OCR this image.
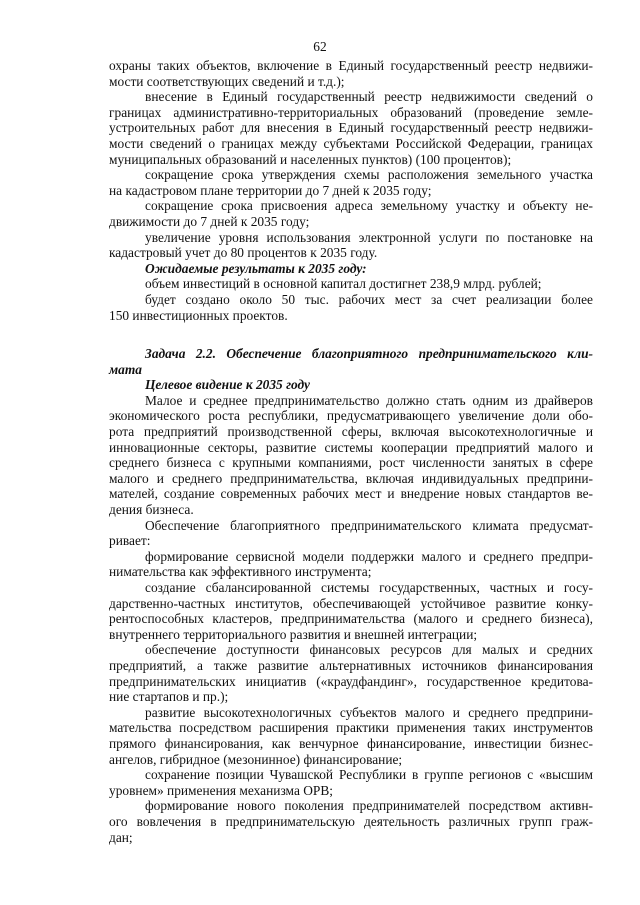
62
охраны таких объектов, включение в Единый государственный реестр недвижи-
мости соответствующих сведений и т.д.);
внесение в Единый государственный реестр недвижимости сведений о
границах административно-территориальных образований (проведение земле-
устроительных работ для внесения в Единый государственный реестр недвижи-
мости сведений о границах между субъектами Российской Федерации, границах
муниципальных образований и населенных пунктов) (100 процентов);
сокращение срока утверждения схемы расположения земельного участка
на кадастровом плане территории до 7 дней к 2035 году;
сокращение срока присвоения адреса земельному участку и объекту не-
движимости до 7 дней к 2035 году;
увеличение уровня использования электронной услуги по постановке на
кадастровый учет до 80 процентов к 2035 году.
Ожидаемые результаты к 2035 году:
объем инвестиций в основной капитал достигнет 238,9 млрд. рублей;
будет создано около 50 тыс. рабочих мест за счет реализации более
150 инвестиционных проектов.
Задача 2.2. Обеспечение благоприятного предпринимательского кли-
мата
Целевое видение к 2035 году
Малое и среднее предпринимательство должно стать одним из драйверов
экономического роста республики, предусматривающего увеличение доли обо-
рота предприятий производственной сферы, включая высокотехнологичные и
инновационные секторы, развитие системы кооперации предприятий малого и
среднего бизнеса с крупными компаниями, рост численности занятых в сфере
малого и среднего предпринимательства, включая индивидуальных предприни-
мателей, создание современных рабочих мест и внедрение новых стандартов ве-
дения бизнеса.
Обеспечение благоприятного предпринимательского климата предусмат-
ривает:
формирование сервисной модели поддержки малого и среднего предпри-
нимательства как эффективного инструмента;
создание сбалансированной системы государственных, частных и госу-
дарственно-частных институтов, обеспечивающей устойчивое развитие конку-
рентоспособных кластеров, предпринимательства (малого и среднего бизнеса),
внутреннего территориального развития и внешней интеграции;
обеспечение доступности финансовых ресурсов для малых и средних
предприятий, а также развитие альтернативных источников финансирования
предпринимательских инициатив («краудфандинг», государственное кредитова-
ние стартапов и пр.);
развитие высокотехнологичных субъектов малого и среднего предприни-
мательства посредством расширения практики применения таких инструментов
прямого финансирования, как венчурное финансирование, инвестиции бизнес-
ангелов, гибридное (мезонинное) финансирование;
сохранение позиции Чувашской Республики в группе регионов с «высшим
уровнем» применения механизма ОРВ;
формирование нового поколения предпринимателей посредством активн-
ого вовлечения в предпринимательскую деятельность различных групп граж-
дан;
